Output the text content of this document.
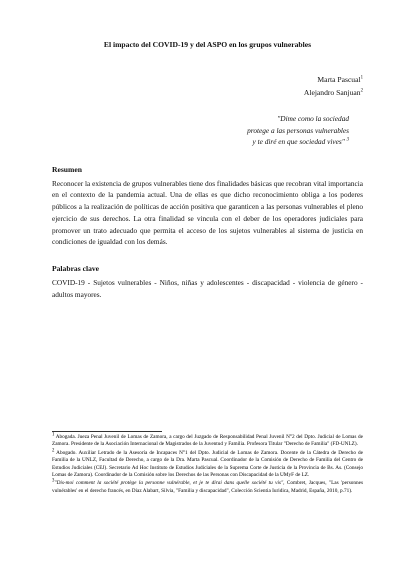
El impacto del COVID-19 y del ASPO en los grupos vulnerables
Marta Pascual$^1$
Alejandro Sanjuan$^2$
"Dime como la sociedad
protege a las personas vulnerables
y te diré en que sociedad vives" $^3$
Resumen

Reconocer la existencia de grupos vulnerables tiene dos finalidades básicas que recobran vital importancia en el contexto de la pandemia actual. Una de ellas es que dicho reconocimiento obliga a los poderes públicos a la realización de políticas de acción positiva que garanticen a las personas vulnerables el pleno ejercicio de sus derechos. La otra finalidad se vincula con el deber de los operadores judiciales para promover un trato adecuado que permita el acceso de los sujetos vulnerables al sistema de justicia en condiciones de igualdad con los demás.

Palabras clave

COVID-19 - Sujetos vulnerables - Niños, niñas y adolescentes - discapacidad - violencia de género - adultos mayores.

$^1$ Abogada. Jueza Penal Juvenil de Lomas de Zamora, a cargo del Juzgado de Responsabilidad Penal Juvenil N°2 del Dpto. Judicial de Lomas de Zamora. Presidente de la Asociación Internacional de Magistrados de la Juventud y Familia. Profesora Titular "Derecho de Familia" (FD-UNLZ).

$^2$ Abogado. Auxiliar Letrado de la Asesoría de Incapaces N°1 del Dpto. Judicial de Lomas de Zamora. Docente de la Cátedra de Derecho de Familia de la UNLZ, Facultad de Derecho, a cargo de la Dra. Marta Pascual. Coordinador de la Comisión de Derecho de Familia del Centro de Estudios Judiciales (CEJ). Secretario Ad Hoc Instituto de Estudios Judiciales de la Suprema Corte de Justicia de la Provincia de Bs. As. (Consejo Lomas de Zamora). Coordinador de la Comisión sobre los Derechos de las Personas con Discapacidad de la UMyF de LZ.

$^3$"Dis-moi comment la société protège la personne vulnérable, et je te dirai dans quelle société tu vis", Combret, Jacques, "Las 'personnes vulnérables' en el derecho francés, en Diaz Alabart, Silvia, "Familia y discapacidad", Colección Scientia Iuridica, Madrid, España, 2010, p.71).
